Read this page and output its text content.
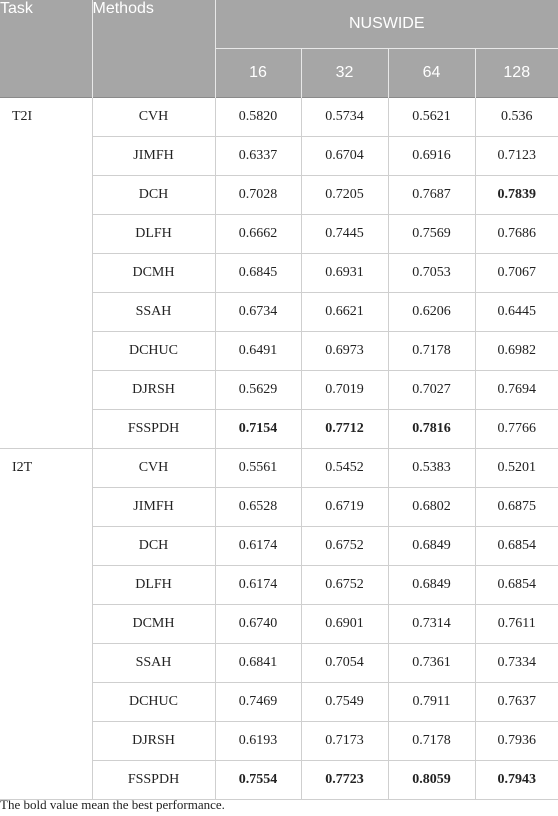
Task	Methods	NUSWIDE			
		16	32	64	128
T2I	CVH	0.5820	0.5734	0.5621	0.536
	JIMFH	0.6337	0.6704	0.6916	0.7123
	DCH	0.7028	0.7205	0.7687	0.7839
	DLFH	0.6662	0.7445	0.7569	0.7686
	DCMH	0.6845	0.6931	0.7053	0.7067
	SSAH	0.6734	0.6621	0.6206	0.6445
	DCHUC	0.6491	0.6973	0.7178	0.6982
	DJRSH	0.5629	0.7019	0.7027	0.7694
	FSSPDH	0.7154	0.7712	0.7816	0.7766
I2T	CVH	0.5561	0.5452	0.5383	0.5201
	JIMFH	0.6528	0.6719	0.6802	0.6875
	DCH	0.6174	0.6752	0.6849	0.6854
	DLFH	0.6174	0.6752	0.6849	0.6854
	DCMH	0.6740	0.6901	0.7314	0.7611
	SSAH	0.6841	0.7054	0.7361	0.7334
	DCHUC	0.7469	0.7549	0.7911	0.7637
	DJRSH	0.6193	0.7173	0.7178	0.7936
	FSSPDH	0.7554	0.7723	0.8059	0.7943
The bold value mean the best performance.
